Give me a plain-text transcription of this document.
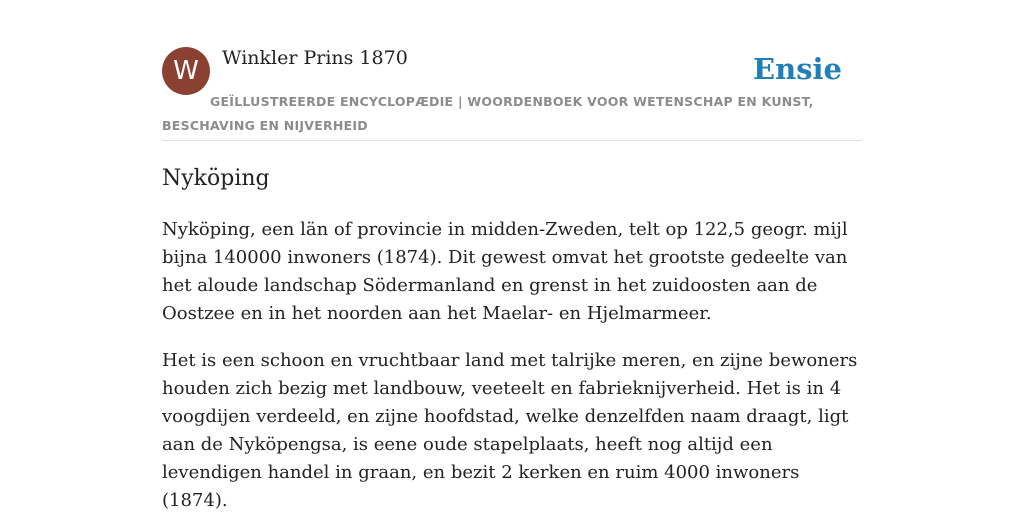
W	Winkler Prins 1870	Ensie
GEÏLLUSTREERDE ENCYCLOPÆDIE | WOORDENBOEK VOOR WETENSCHAP EN KUNST, BESCHAVING EN NIJVERHEID
Nyköping

Nyköping, een län of provincie in midden-Zweden, telt op 122,5 geogr. mijl bijna 140000 inwoners (1874). Dit gewest omvat het grootste gedeelte van het aloude landschap Södermanland en grenst in het zuidoosten aan de Oostzee en in het noorden aan het Maelar- en Hjelmarmeer.

Het is een schoon en vruchtbaar land met talrijke meren, en zijne bewoners houden zich bezig met landbouw, veeteelt en fabrieknijverheid. Het is in 4 voogdijen verdeeld, en zijne hoofdstad, welke denzelfden naam draagt, ligt aan de Nyköpengsa, is eene oude stapelplaats, heeft nog altijd een levendigen handel in graan, en bezit 2 kerken en ruim 4000 inwoners (1874).
